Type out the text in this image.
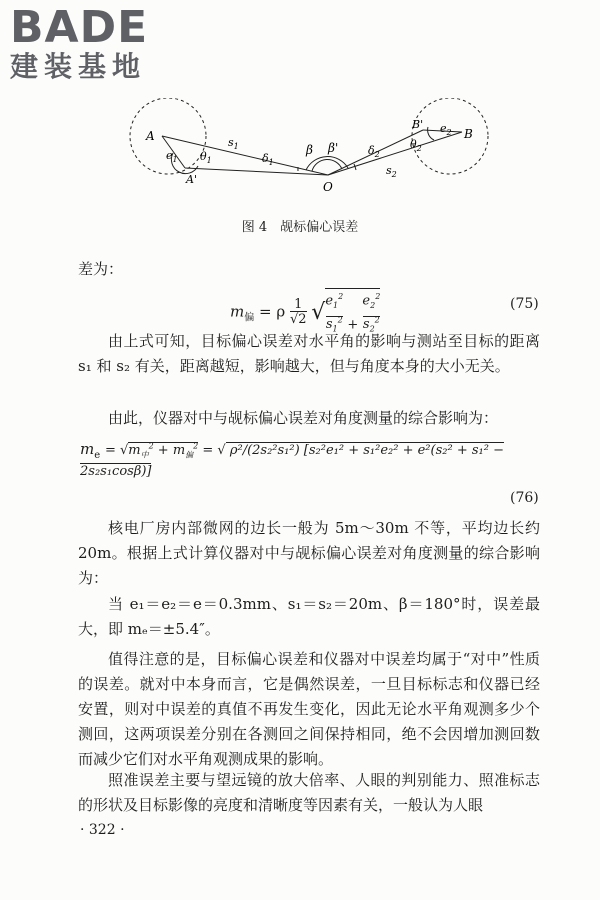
BADE
建装基地
A
$e_1$ $\theta_1$
A'
$s_1$
$\delta_1$
β β'
O
$\delta_2$
$s_2$
B' $e_2$
$\theta_2$
B
图 4　觇标偏心误差
差为：
$m_偏 = \rho$ 1
√2 $√e_1^2$
$s_1^2 + e_2^2$
$s_2^2$
(75)
由上式可知，目标偏心误差对水平角的影响与测站至目标的距离 s₁ 和 s₂ 有关，距离越短，影响越大，但与角度本身的大小无关。
由此，仪器对中与觇标偏心误差对角度测量的综合影响为：
$m_e = √m_中^2 + m_偏^2$ = √ ρ²/(2s₂²s₁²) [s₂²e₁² + s₁²e₂² + e²(s₂² + s₁² − 2s₂s₁cosβ)]
(76)
核电厂房内部微网的边长一般为 5m～30m 不等，平均边长约 20m。根据上式计算仪器对中与觇标偏心误差对角度测量的综合影响为：
当 e₁＝e₂＝e＝0.3mm、s₁＝s₂＝20m、β＝180°时，误差最大，即 mₑ＝±5.4″。
值得注意的是，目标偏心误差和仪器对中误差均属于“对中”性质的误差。就对中本身而言，它是偶然误差，一旦目标标志和仪器已经安置，则对中误差的真值不再发生变化，因此无论水平角观测多少个测回，这两项误差分别在各测回之间保持相同，绝不会因增加测回数而减少它们对水平角观测成果的影响。
照准误差主要与望远镜的放大倍率、人眼的判别能力、照准标志的形状及目标影像的亮度和清晰度等因素有关，一般认为人眼
· 322 ·
